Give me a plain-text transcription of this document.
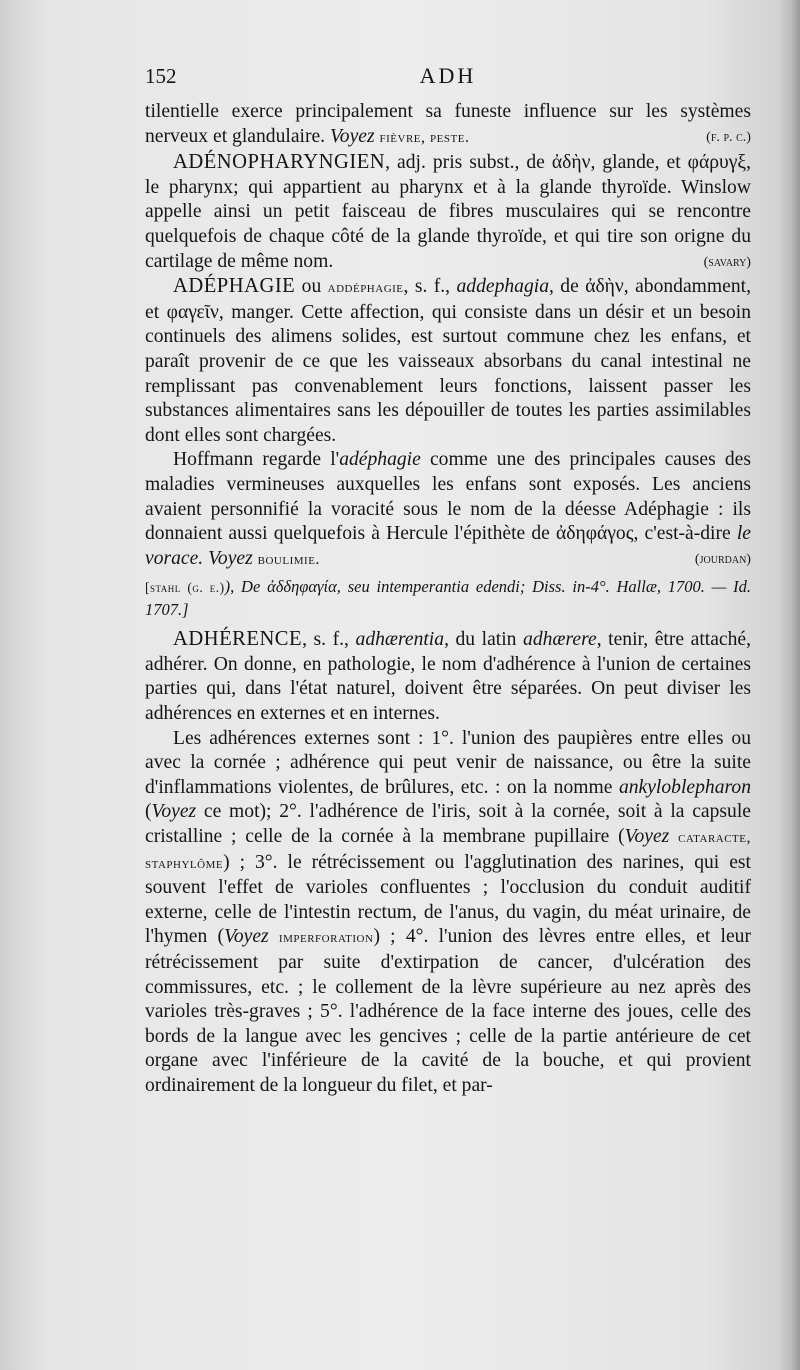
152	ADH

tilentielle exerce principalement sa funeste influence sur les systèmes nerveux et glandulaire. Voyez fièvre, peste.	(f. p. c.)

ADÉNOPHARYNGIEN, adj. pris subst., de ἀδὴν, glande, et φάρυγξ, le pharynx; qui appartient au pharynx et à la glande thyroïde. Winslow appelle ainsi un petit faisceau de fibres musculaires qui se rencontre quelquefois de chaque côté de la glande thyroïde, et qui tire son origne du cartilage de même nom.	(savary)

ADÉPHAGIE ou addéphagie, s. f., addephagia, de ἀδὴν, abondamment, et φαγεῖν, manger. Cette affection, qui consiste dans un désir et un besoin continuels des alimens solides, est surtout commune chez les enfans, et paraît provenir de ce que les vaisseaux absorbans du canal intestinal ne remplissant pas convenablement leurs fonctions, laissent passer les substances alimentaires sans les dépouiller de toutes les parties assimilables dont elles sont chargées.

Hoffmann regarde l'adéphagie comme une des principales causes des maladies vermineuses auxquelles les enfans sont exposés. Les anciens avaient personnifié la voracité sous le nom de la déesse Adéphagie : ils donnaient aussi quelquefois à Hercule l'épithète de ἀδηφάγος, c'est-à-dire le vorace. Voyez boulimie.	(jourdan)

[stahl (g. e.)), De ἀδδηφαγία, seu intemperantia edendi; Diss. in-4°. Hallæ, 1700. — Id. 1707.]

ADHÉRENCE, s. f., adhærentia, du latin adhærere, tenir, être attaché, adhérer. On donne, en pathologie, le nom d'adhérence à l'union de certaines parties qui, dans l'état naturel, doivent être séparées. On peut diviser les adhérences en externes et en internes.

Les adhérences externes sont : 1°. l'union des paupières entre elles ou avec la cornée ; adhérence qui peut venir de naissance, ou être la suite d'inflammations violentes, de brûlures, etc. : on la nomme ankyloblepharon (Voyez ce mot); 2°. l'adhérence de l'iris, soit à la cornée, soit à la capsule cristalline ; celle de la cornée à la membrane pupillaire (Voyez cataracte, staphylôme) ; 3°. le rétrécissement ou l'agglutination des narines, qui est souvent l'effet de varioles confluentes ; l'occlusion du conduit auditif externe, celle de l'intestin rectum, de l'anus, du vagin, du méat urinaire, de l'hymen (Voyez imperforation) ; 4°. l'union des lèvres entre elles, et leur rétrécissement par suite d'extirpation de cancer, d'ulcération des commissures, etc. ; le collement de la lèvre supérieure au nez après des varioles très-graves ; 5°. l'adhérence de la face interne des joues, celle des bords de la langue avec les gencives ; celle de la partie antérieure de cet organe avec l'inférieure de la cavité de la bouche, et qui provient ordinairement de la longueur du filet, et par-
